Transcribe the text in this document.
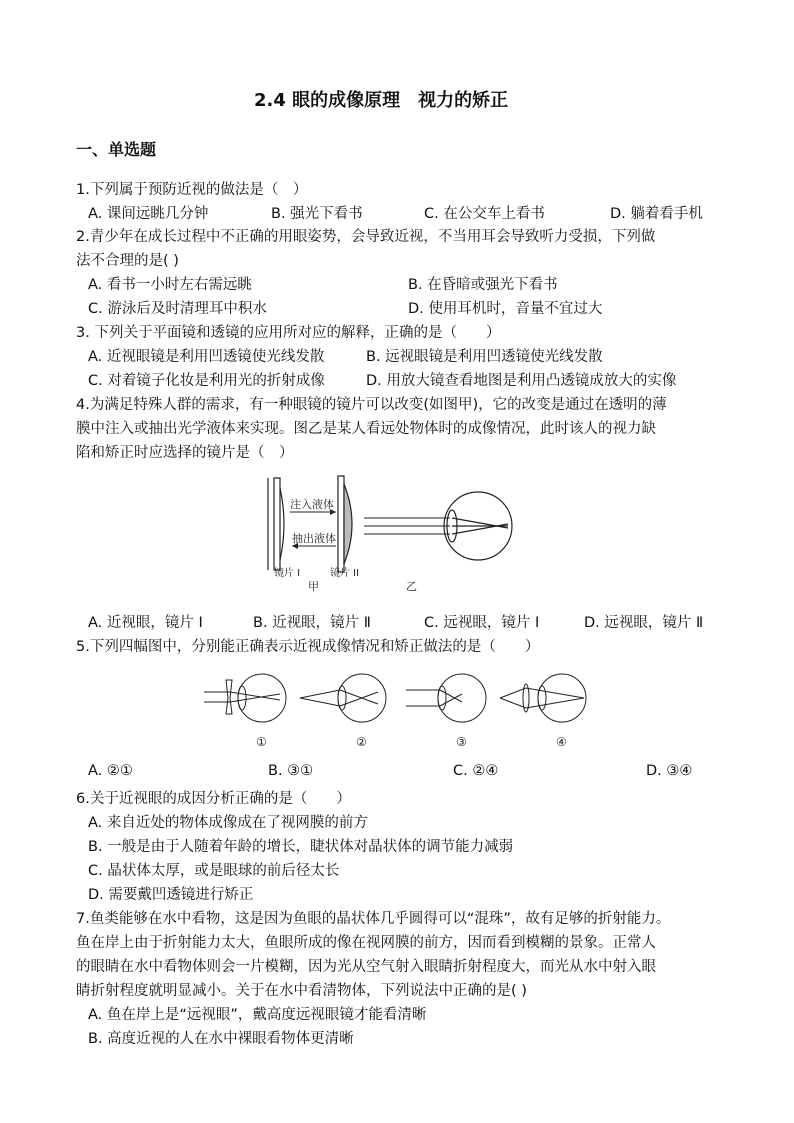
2.4 眼的成像原理　视力的矫正
一、单选题
1.下列属于预防近视的做法是（　）
A. 课间远眺几分钟	B. 强光下看书	C. 在公交车上看书	D. 躺着看手机
2.青少年在成长过程中不正确的用眼姿势，会导致近视，不当用耳会导致听力受损，下列做
法不合理的是( )
A. 看书一小时左右需远眺	B. 在昏暗或强光下看书
C. 游泳后及时清理耳中积水	D. 使用耳机时，音量不宜过大
3. 下列关于平面镜和透镜的应用所对应的解释，正确的是（　　）
A. 近视眼镜是利用凹透镜使光线发散	B. 远视眼镜是利用凹透镜使光线发散
C. 对着镜子化妆是利用光的折射成像	D. 用放大镜查看地图是利用凸透镜成放大的实像
4.为满足特殊人群的需求，有一种眼镜的镜片可以改变(如图甲)，它的改变是通过在透明的薄
膜中注入或抽出光学液体来实现。图乙是某人看远处物体时的成像情况，此时该人的视力缺
陷和矫正时应选择的镜片是（　）
注入液体
抽出液体
镜片 I	镜片 II
甲	乙
A. 近视眼，镜片 Ⅰ	B. 近视眼，镜片 Ⅱ	C. 远视眼，镜片 Ⅰ	D. 远视眼，镜片 Ⅱ
5.下列四幅图中，分别能正确表示近视成像情况和矫正做法的是（　　）
①	②	③	④
A. ②①	B. ③①	C. ②④	D. ③④
6.关于近视眼的成因分析正确的是（　　）
A. 来自近处的物体成像成在了视网膜的前方
B. 一般是由于人随着年龄的增长，睫状体对晶状体的调节能力减弱
C. 晶状体太厚，或是眼球的前后径太长
D. 需要戴凹透镜进行矫正
7.鱼类能够在水中看物，这是因为鱼眼的晶状体几乎圆得可以“混珠”，故有足够的折射能力。
鱼在岸上由于折射能力太大，鱼眼所成的像在视网膜的前方，因而看到模糊的景象。正常人
的眼睛在水中看物体则会一片模糊，因为光从空气射入眼睛折射程度大，而光从水中射入眼
睛折射程度就明显减小。关于在水中看清物体，下列说法中正确的是( )
A. 鱼在岸上是“远视眼”，戴高度远视眼镜才能看清晰
B. 高度近视的人在水中裸眼看物体更清晰
